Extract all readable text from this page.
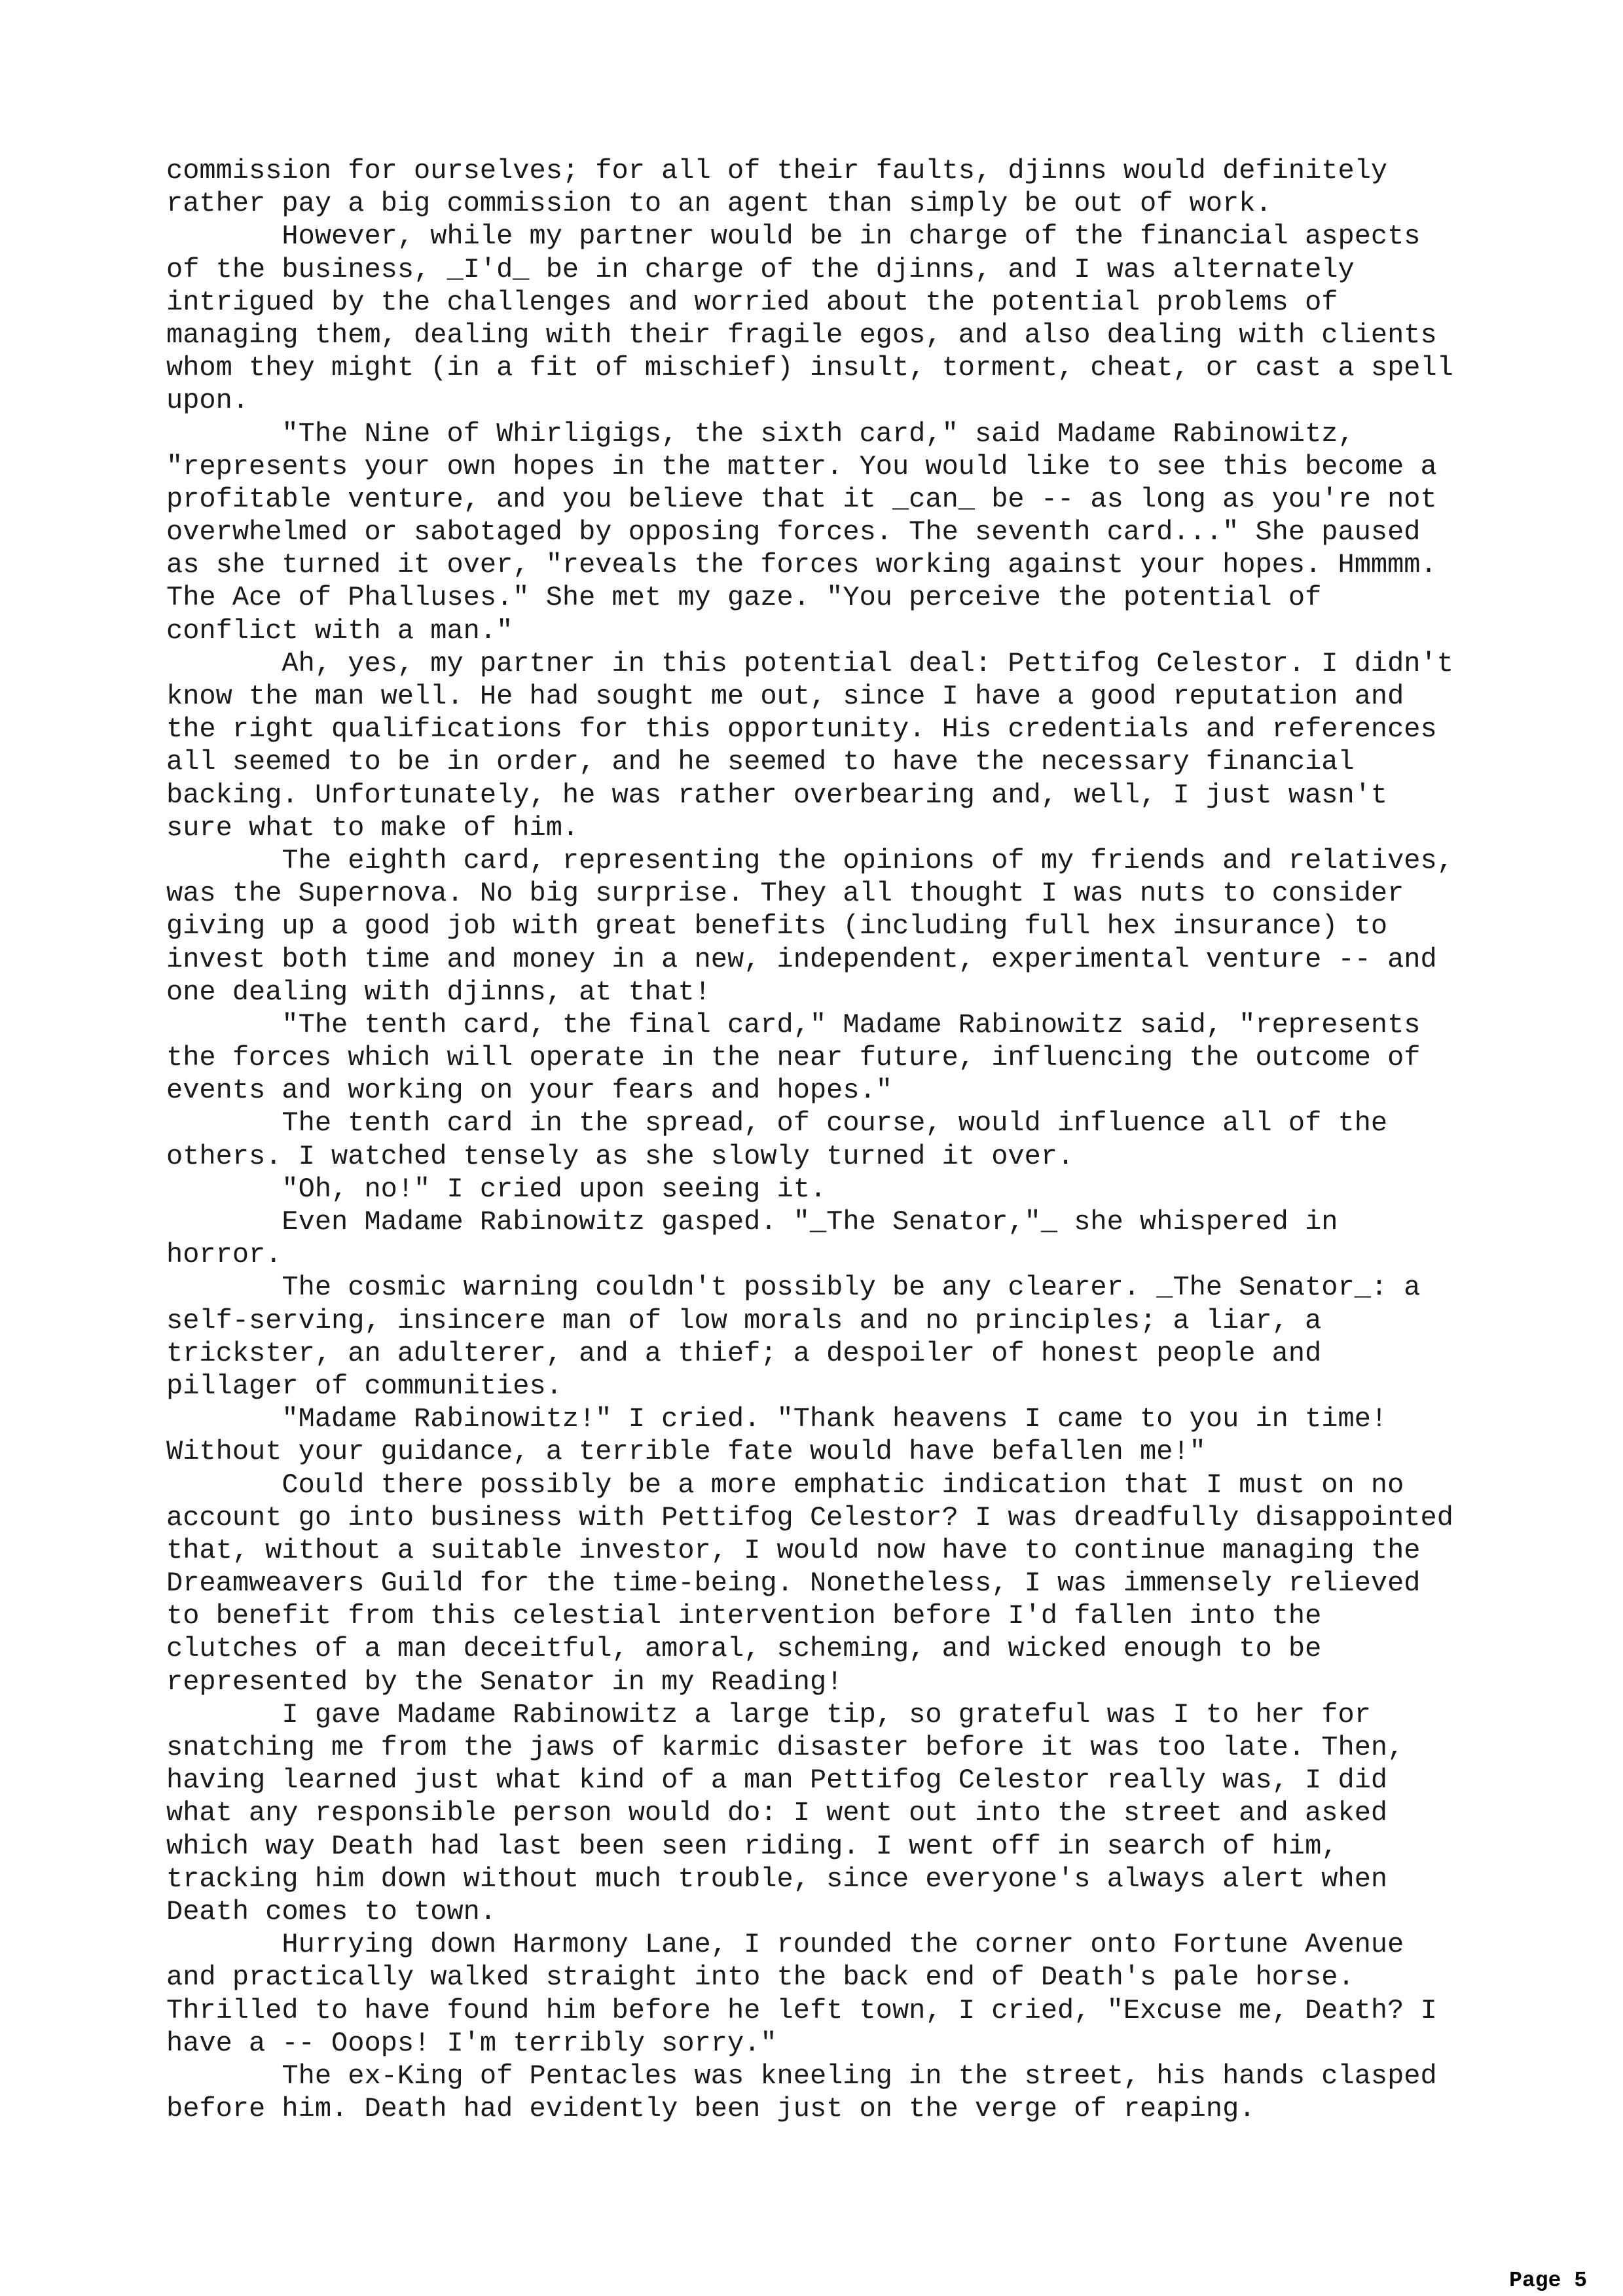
commission for ourselves; for all of their faults, djinns would definitely
rather pay a big commission to an agent than simply be out of work.
However, while my partner would be in charge of the financial aspects
of the business, _I'd_ be in charge of the djinns, and I was alternately
intrigued by the challenges and worried about the potential problems of
managing them, dealing with their fragile egos, and also dealing with clients
whom they might (in a fit of mischief) insult, torment, cheat, or cast a spell
upon.
"The Nine of Whirligigs, the sixth card," said Madame Rabinowitz,
"represents your own hopes in the matter. You would like to see this become a
profitable venture, and you believe that it _can_ be -- as long as you're not
overwhelmed or sabotaged by opposing forces. The seventh card..." She paused
as she turned it over, "reveals the forces working against your hopes. Hmmmm.
The Ace of Phalluses." She met my gaze. "You perceive the potential of
conflict with a man."
Ah, yes, my partner in this potential deal: Pettifog Celestor. I didn't
know the man well. He had sought me out, since I have a good reputation and
the right qualifications for this opportunity. His credentials and references
all seemed to be in order, and he seemed to have the necessary financial
backing. Unfortunately, he was rather overbearing and, well, I just wasn't
sure what to make of him.
The eighth card, representing the opinions of my friends and relatives,
was the Supernova. No big surprise. They all thought I was nuts to consider
giving up a good job with great benefits (including full hex insurance) to
invest both time and money in a new, independent, experimental venture -- and
one dealing with djinns, at that!
"The tenth card, the final card," Madame Rabinowitz said, "represents
the forces which will operate in the near future, influencing the outcome of
events and working on your fears and hopes."
The tenth card in the spread, of course, would influence all of the
others. I watched tensely as she slowly turned it over.
"Oh, no!" I cried upon seeing it.
Even Madame Rabinowitz gasped. "_The Senator,"_ she whispered in
horror.
The cosmic warning couldn't possibly be any clearer. _The Senator_: a
self-serving, insincere man of low morals and no principles; a liar, a
trickster, an adulterer, and a thief; a despoiler of honest people and
pillager of communities.
"Madame Rabinowitz!" I cried. "Thank heavens I came to you in time!
Without your guidance, a terrible fate would have befallen me!"
Could there possibly be a more emphatic indication that I must on no
account go into business with Pettifog Celestor? I was dreadfully disappointed
that, without a suitable investor, I would now have to continue managing the
Dreamweavers Guild for the time-being. Nonetheless, I was immensely relieved
to benefit from this celestial intervention before I'd fallen into the
clutches of a man deceitful, amoral, scheming, and wicked enough to be
represented by the Senator in my Reading!
I gave Madame Rabinowitz a large tip, so grateful was I to her for
snatching me from the jaws of karmic disaster before it was too late. Then,
having learned just what kind of a man Pettifog Celestor really was, I did
what any responsible person would do: I went out into the street and asked
which way Death had last been seen riding. I went off in search of him,
tracking him down without much trouble, since everyone's always alert when
Death comes to town.
Hurrying down Harmony Lane, I rounded the corner onto Fortune Avenue
and practically walked straight into the back end of Death's pale horse.
Thrilled to have found him before he left town, I cried, "Excuse me, Death? I
have a -- Ooops! I'm terribly sorry."
The ex-King of Pentacles was kneeling in the street, his hands clasped
before him. Death had evidently been just on the verge of reaping.
Page 5
